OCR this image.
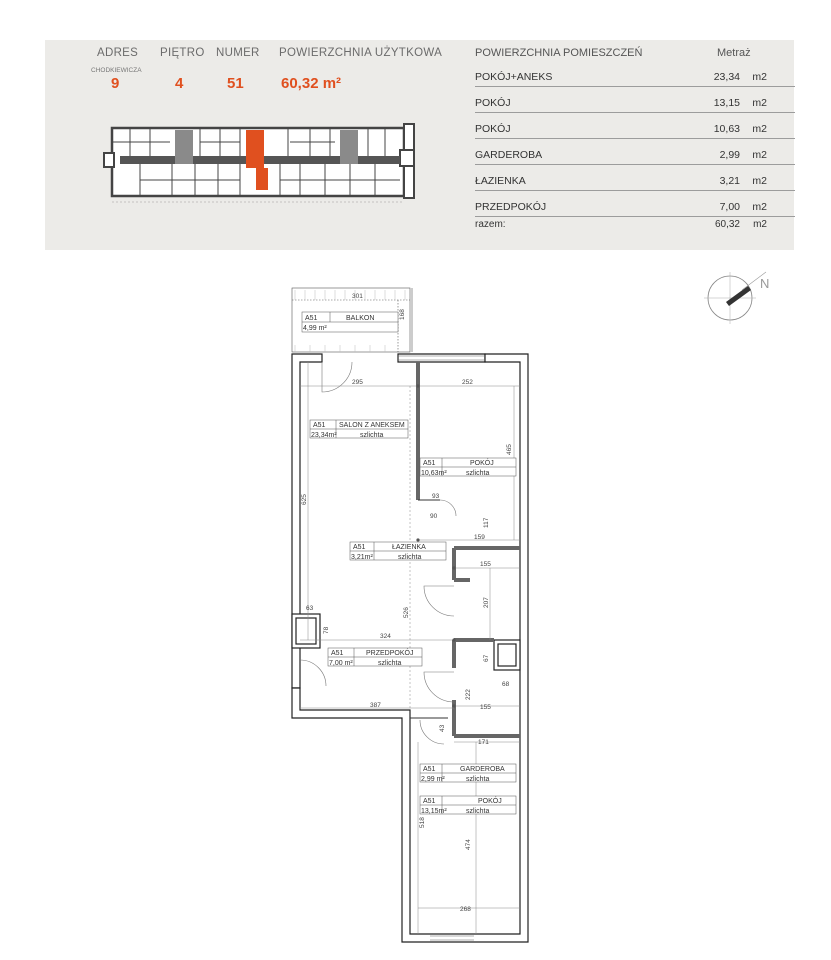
ADRES PIĘTRO NUMER POWIERZCHNIA UŻYTKOWA
CHODKIEWICZA
9	4	51 60,32 m²
POWIERZCHNIA POMIESZCZEŃ	Metraż
POKÓJ+ANEKS	23,34 m2
POKÓJ	13,15 m2
POKÓJ	10,63 m2
GARDEROBA	2,99 m2
ŁAZIENKA	3,21 m2
PRZEDPOKÓJ	7,00 m2
razem:	60,32 m2
301
168
295	252
465
625	93
90
117
159
155
207
63
78
324
526
67
68
222
387	155
43
171
518
474
268
A51	BALKON
4,99 m²
A51 SALON Z ANEKSEM
23,34m²	szlichta
A51	POKÓJ
10,63m²	szlichta
A51	ŁAZIENKA
3,21m²	szlichta
A51	PRZEDPOKÓJ
7,00 m²	szlichta
A51	GARDEROBA
2,99 m²	szlichta
A51	POKÓJ
13,15m²	szlichta
N
